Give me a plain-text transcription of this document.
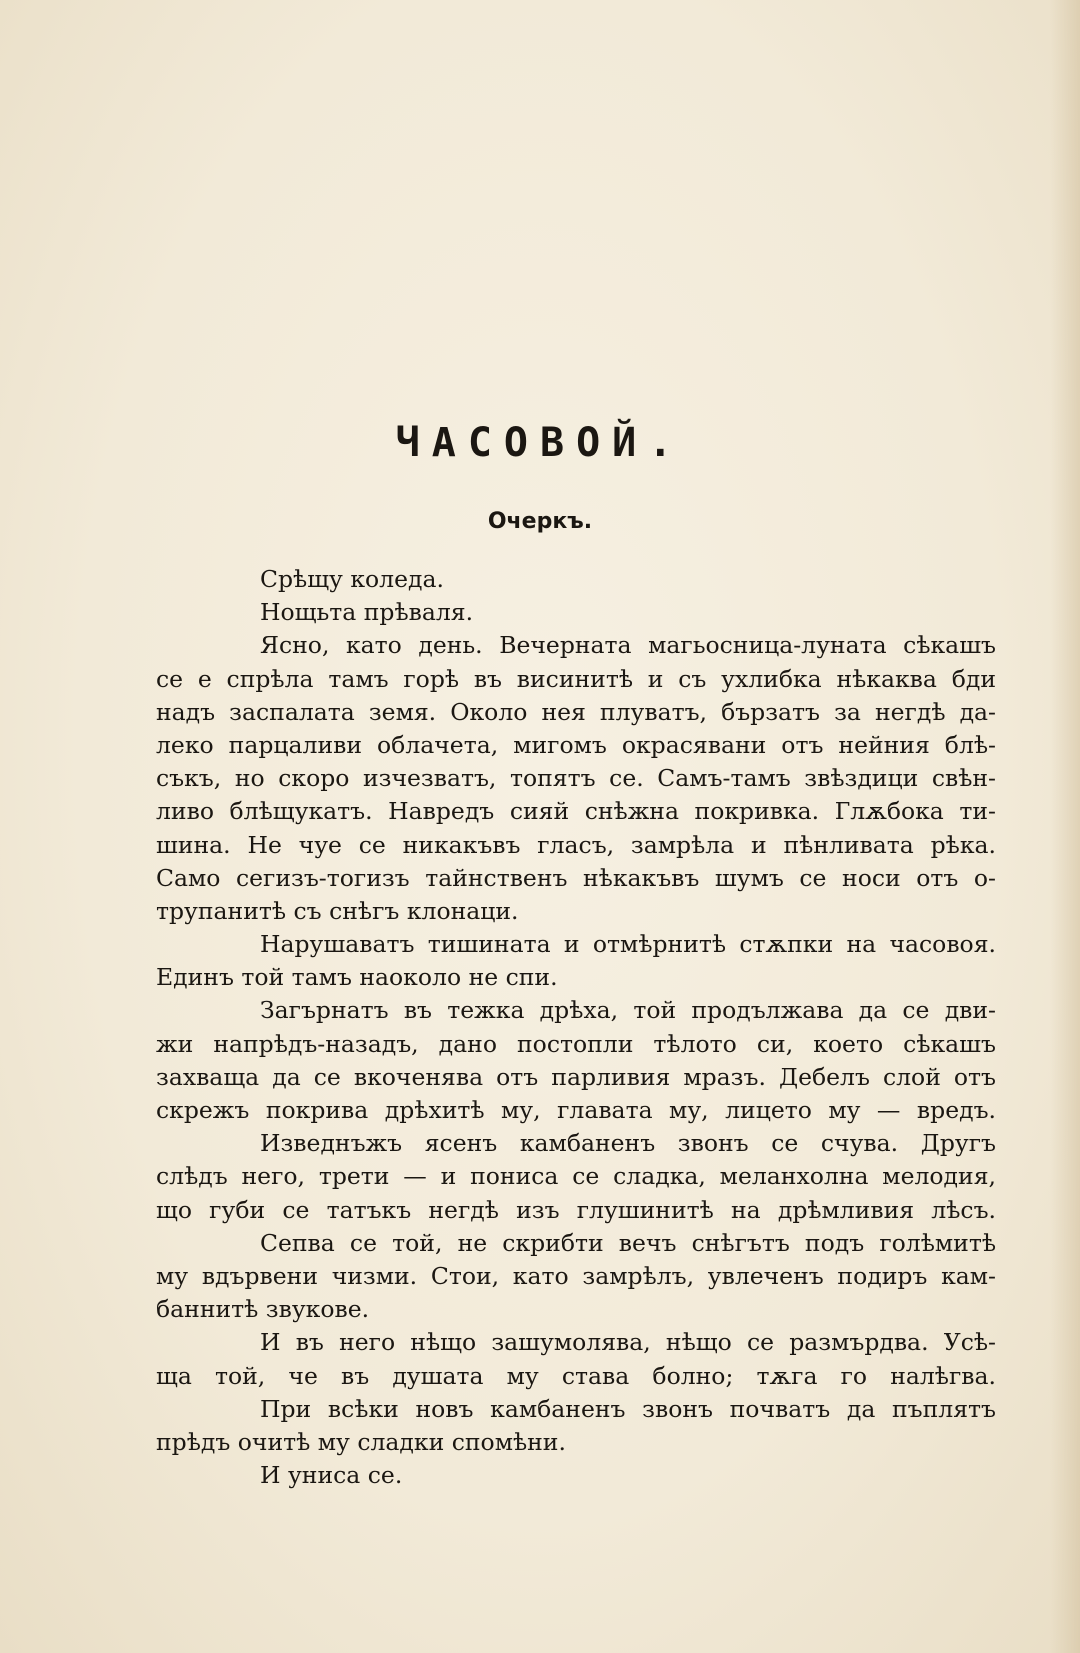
ЧАСОВОЙ.
Очеркъ.
Срѣщу коледа.
Нощьта прѣваля.
Ясно, като день. Вечерната магьосница-луната сѣкашъ
се е спрѣла тамъ горѣ въ висинитѣ и съ ухлибка нѣкаква бди
надъ заспалата земя. Около нея плуватъ, бързатъ за негдѣ да-
леко парцаливи облачета, мигомъ окрасявани отъ нейния блѣ-
съкъ, но скоро изчезватъ, топятъ се. Самъ-тамъ звѣздици свѣн-
ливо блѣщукатъ. Навредъ сияй снѣжна покривка. Глѫбока ти-
шина. Не чуе се никакъвъ гласъ, замрѣла и пѣнливата рѣка.
Само сегизъ-тогизъ тайнственъ нѣкакъвъ шумъ се носи отъ о-
трупанитѣ съ снѣгъ клонаци.
Нарушаватъ тишината и отмѣрнитѣ стѫпки на часовоя.
Единъ той тамъ наоколо не спи.
Загърнатъ въ тежка дрѣха, той продължава да се дви-
жи напрѣдъ-назадъ, дано постопли тѣлото си, което сѣкашъ
захваща да се вкоченява отъ парливия мразъ. Дебелъ слой отъ
скрежъ покрива дрѣхитѣ му, главата му, лицето му — вредъ.
Изведнъжъ ясенъ камбаненъ звонъ се счува. Другъ
слѣдъ него, трети — и пониса се сладка, меланхолна мелодия,
що губи се татъкъ негдѣ изъ глушинитѣ на дрѣмливия лѣсъ.
Сепва се той, не скрибти вечъ снѣгътъ подъ голѣмитѣ
му вдървени чизми. Стои, като замрѣлъ, увлеченъ подиръ кам-
баннитѣ звукове.
И въ него нѣщо зашумолява, нѣщо се размърдва. Усѣ-
ща той, че въ душата му става болно; тѫга го налѣгва.
При всѣки новъ камбаненъ звонъ почватъ да пъплятъ
прѣдъ очитѣ му сладки спомѣни.
И униса се.
